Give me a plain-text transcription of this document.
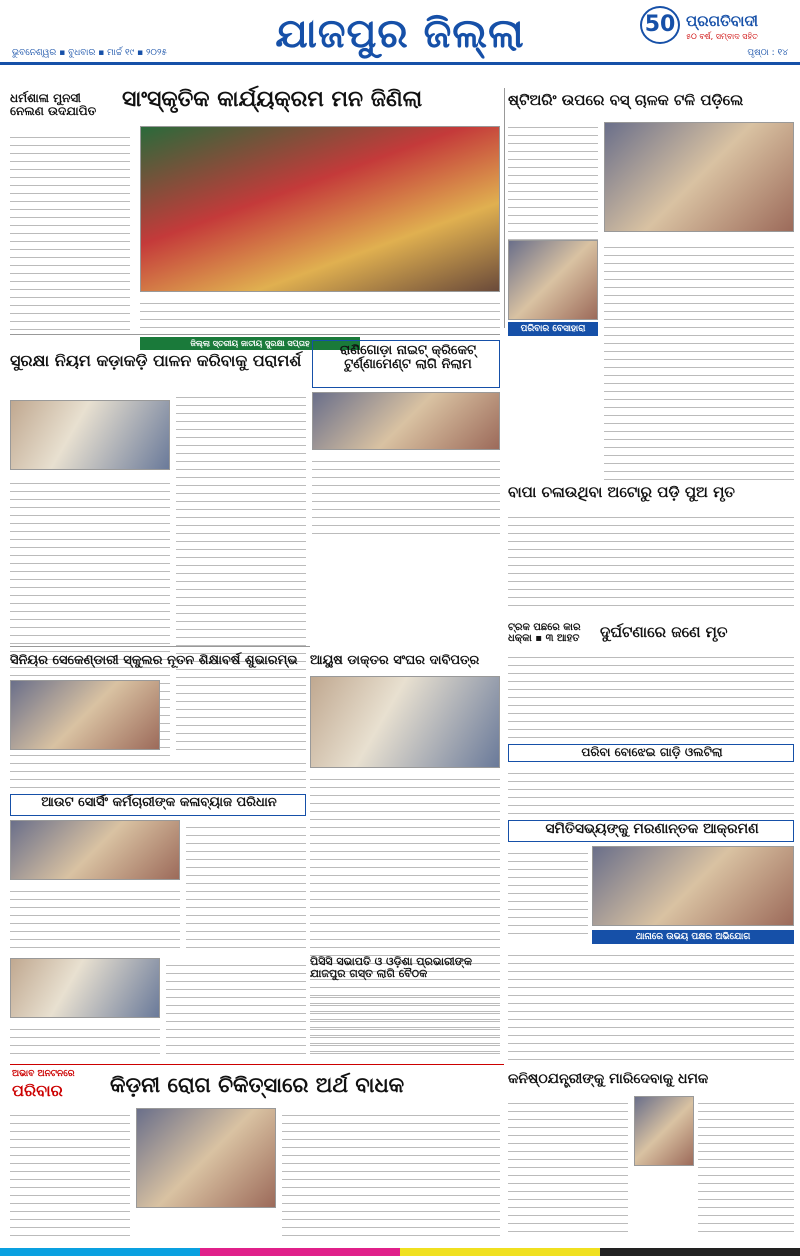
ଯାଜପୁର ଜିଲ୍ଲା
ଭୁବନେଶ୍ୱର ▪ ବୁଧବାର ▪ ମାର୍ଚ୍ଚ ୧୯ ▪ ୨୦୨୫	ପୃଷ୍ଠା : ୧୪
50 ପ୍ରଗତିବାଦୀ
୫୦ ବର୍ଷ, ସମ୍ବାଦ ସହିତ
ଧର୍ମଶାଳା ମୁନସୀ ନେଲଣ ଉଦଯାପିତ	ସାଂସ୍କୃତିକ କାର୍ଯ୍ୟକ୍ରମ ମନ ଜିଣିଲା	ଷ୍ଟିଅରିଂ ଉପରେ ବସ୍ ଚାଳକ ଟଳି ପଡ଼ିଲେ
ପରିବାର ବେସାହାରା
ଜିଲ୍ଲା ସ୍ତରୀୟ ଜାତୀୟ ସୁରକ୍ଷା ସପ୍ତାହ
ସୁରକ୍ଷା ନିୟମ କଡ଼ାକଡ଼ି ପାଳନ କରିବାକୁ ପରାମର୍ଶ
ରାଣିଗୋଡ଼ା ନାଇଟ୍ କ୍ରିକେଟ୍ ଟୁର୍ଣ୍ଣାମେଣ୍ଟ ଲାଗି ନିଲାମ
ବାପା ଚଳାଉଥିବା ଅଟୋରୁ ପଡ଼ି ପୁଅ ମୃତ
ଟ୍ରକ ପଛରେ କାର ଧକ୍କା ▪ ୩ ଆହତ	ଦୁର୍ଘଟଣାରେ ଜଣେ ମୃତ
ସିନିୟର ସେକେଣ୍ଡାରୀ ସ୍କୁଲର ନୂତନ ଶିକ୍ଷାବର୍ଷ ଶୁଭାରମ୍ଭ ଆୟୁଷ ଡାକ୍ତର ସଂଘର ଦାବିପତ୍ର
ପରିବା ବୋଝେଇ ଗାଡ଼ି ଓଲଟିଲା
ଆଉଟ ସୋର୍ସିଂ କର୍ମଚାରୀଙ୍କ କଳାବ୍ୟାଜ ପରିଧାନ
ସମିତିସଭ୍ୟଙ୍କୁ ମରଣାନ୍ତକ ଆକ୍ରମଣ
ଥାନାରେ ଉଭୟ ପକ୍ଷର ଅଭିଯୋଗ
ପିସିସି ସଭାପତି ଓ ଓଡ଼ିଶା ପ୍ରଭାରୀଙ୍କ ଯାଜପୁର ଗସ୍ତ ଲାଗି ବୈଠକ
କନିଷ୍ଠଯନ୍ତ୍ରୀଙ୍କୁ ମାରିଦେବାକୁ ଧମକ
ଅଭାବ ଅନଟନରେ
ପରିବାର	କିଡ଼ନୀ ରୋଗ ଚିକିତ୍ସାରେ ଅର୍ଥ ବାଧକ
